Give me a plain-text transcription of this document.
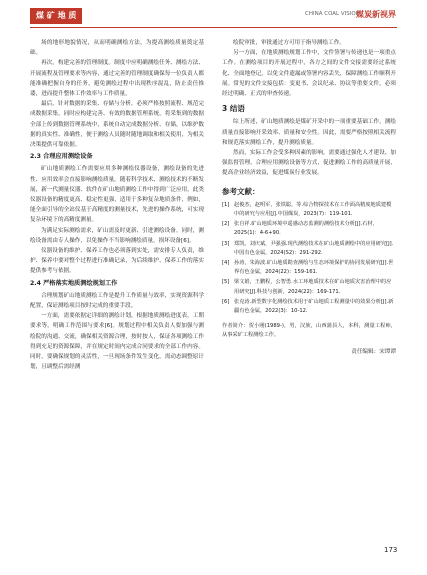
煤 矿 地 质	CHINA COAL VISION
煤炭新视界

场的地形地貌情况，从而明确测绘方法，为提高测绘质量奠定基础。

再次，构建完善的管理制度。制度中应明确测绘任务、测绘方法、开展流程及管理要求等内容，通过完善的管理制度确保每一位负责人都能准确把握自身的任务，避免测绘过程中出现秩序混乱，防止责任推诿，进而提升整体工作效率与工作质量。

最后，针对数据的采集、存储与分析，必须严格按照流程、规范完成数据采集，同时应构建完善、有效的数据管理系统，将采集到的数据全部上传到数据管理系统中，系统自动完成数据分析、存储，以维护数据的真实性、准确性，便于测绘人员随时随地调取和相关使用，为相关决策提供可靠依据。

2.3 合理应用测绘设备

矿山地质测绘工作需要应用多种测绘仪器设备，测绘设备的先进性、应用效率会直接影响测绘质量。随着科学技术、测绘技术的不断发展，新一代测量仪器、软件在矿山地质测绘工作中得到广泛应用，此类仪器设备的精度更高、稳定性更强，适用于多种复杂地质条件，例如，能全面引导的全站仪基于高精度的测量技术，先进的操作系统，可实现复杂环境下的高精度测量。

为满足实际测绘需求，矿山需及时更新、引进测绘设备。同时，测绘设备需由专人操作，以免操作不当影响测绘质量，损坏设备[6]。

仪器设备的维护、保养工作也必须落到实处，需安排专人负责，维护、保养中要对整个过程进行准确记录，为后续维护、保养工作的落实提供参考与依据。

2.4 严格落实地质测绘规划工作

合理规划矿山地质测绘工作是提升工作质量与效率，实现资源科学配置，保证测绘项目按时完成的重要手段。

一方面，需要依据定详细的测绘计划，根据地质测绘进度表，工期要求等，明确工作范围与要求[6]。规划过程中相关负责人要加强与测绘院的沟通、交流，确保相关资源合理，按时按人，保证各项测绘工作得到充足的资源保障，并在规定时间内完成合同要求的全部工作内容。同时，要确保规划的灵活性，一旦现场条件发生变化，需动态调整原计划，且调整后需经测

绘院审批，审批通过方可用于指导测绘工作。

另一方面，在地质测绘规划工作中，文件签署与传递也是一项重点工作。在测绘项目的开展过程中，各方之间的文件交接需要经过系统化、全面地登记，以免文件遗漏或签署内容丢失，保障测绘工作顺利开展。常见的文件交接包括：变更书、会议纪录、协议等重要文件，必须经过明确、正式的审查传递。

3 结语

综上所述，矿山地质测绘是煤矿开采中的一项重要基础工作，测绘质量直接影响开采效率、质量和安全性。因此，需要严格按照相关流程和规范落实测绘工作，提升测绘质量。

然而，实际工作会受多种因素的影响，需要通过强化人才建设、加强监督管理、合理应用测绘设备等方式，促进测绘工作的高质量开展，提高企业经济效益，促进煤炭行业发展。

参考文献：
[1] 赵俊杰，赵明军，张铁聪，等.综合物探技术在工作面高精度地质建模中的研究与应用[J].中国煤炭，2023(7)：119-101.
[2] 张自祥.矿山地质环境中遥感动态监测的测绘技术分析[J].石材，2025(1)：4-6+90.
[3] 郑凯，刘庆斌，尹强强.现代测绘技术在矿山地质测绘中的应用研究[J].中国有色金属，2024(S2)：291-292.
[4] 孙涛，朱海波.矿山地质勘查测绘与生态环境保护的协同发展研究[J].世界有色金属，2024(22)：159-161.
[5] 梁文娟，王鹏程，公智勇.水工环地质技术在矿山地质灾害治理中的应用研究[J].科技与创新，2024(22)：169-171.
[6] 张克涛.新型数字化测绘技术用于矿山地质工程测量中的效果分析[J].新疆有色金属，2022(3)：10-12.
作者简介：贺小刚(1989-)，男，汉族，山西蒲县人，本科，测量工程师，从事采矿工程测绘工作。
责任编辑：宋谭谭
173
